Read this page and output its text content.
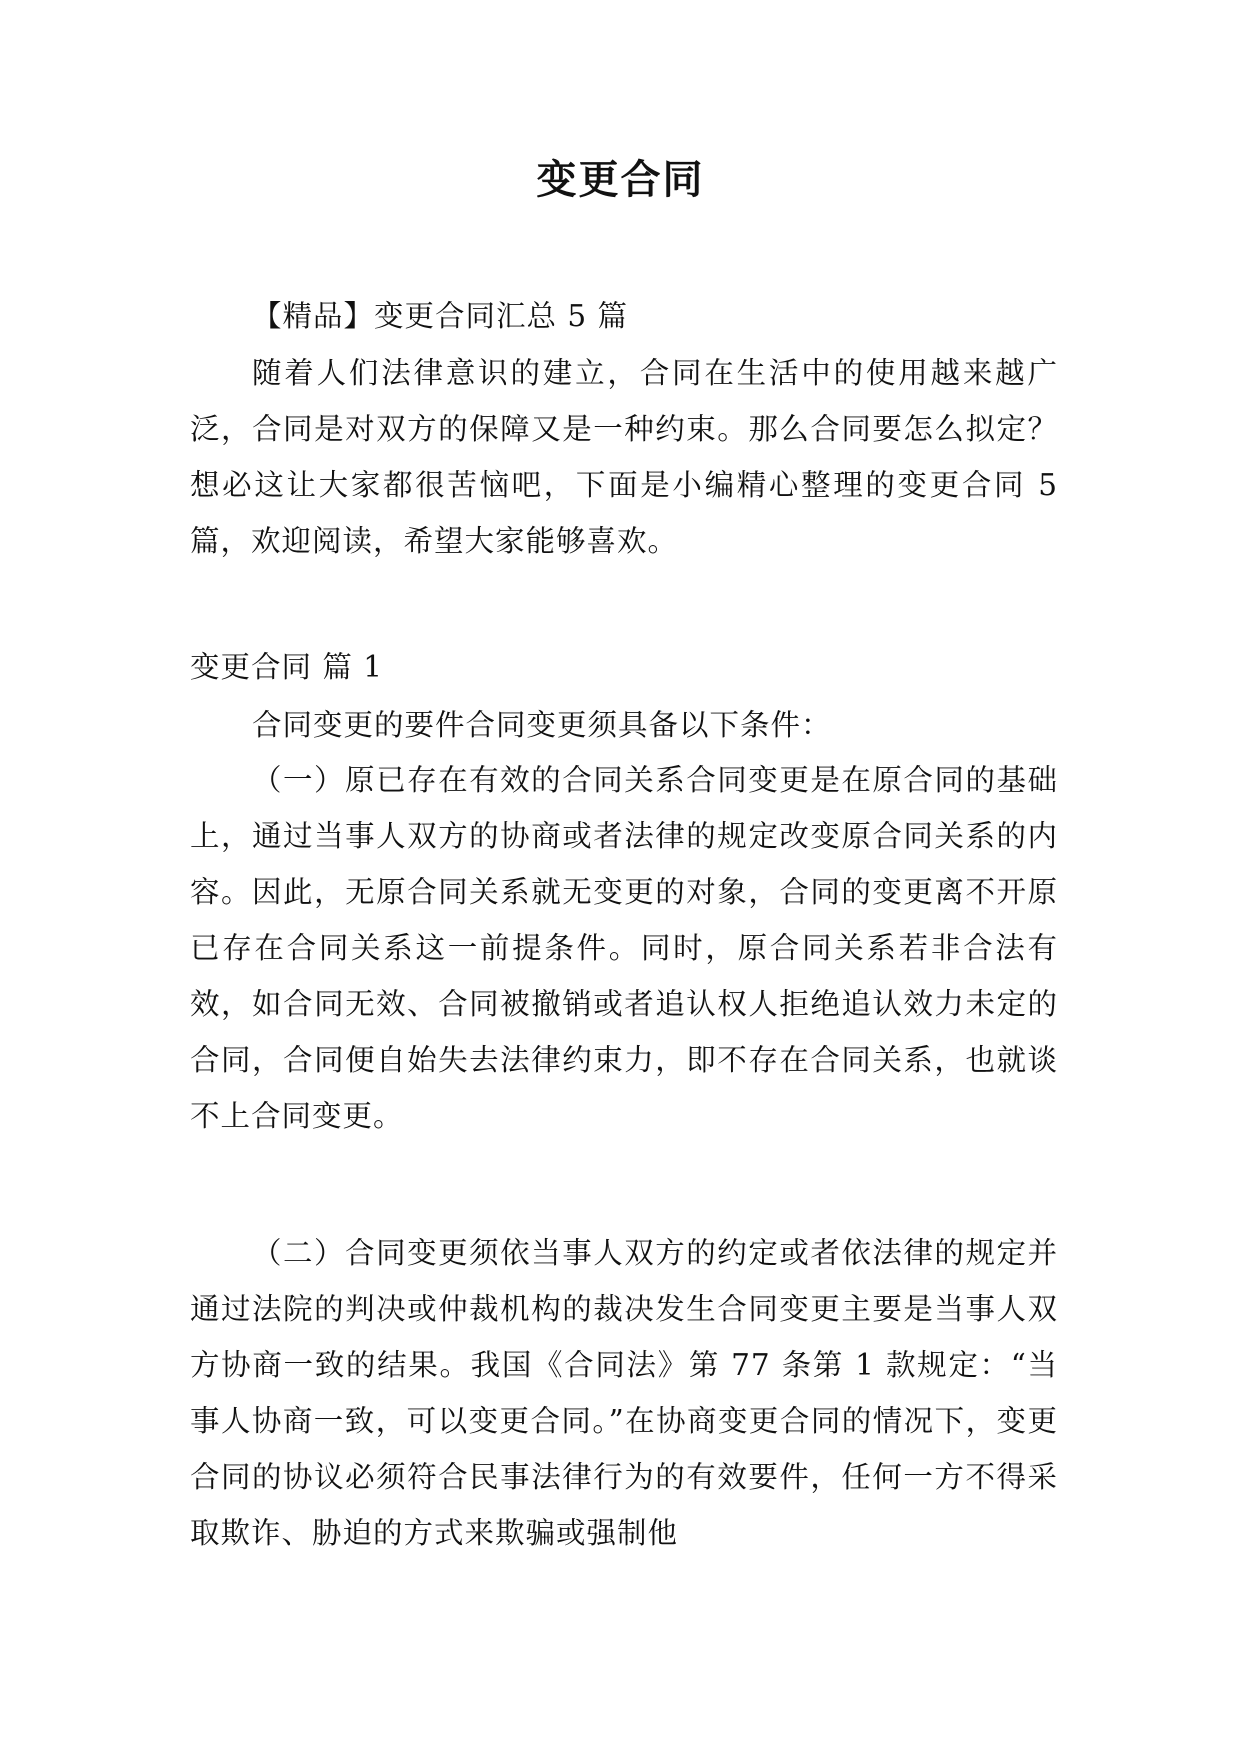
变更合同

【精品】变更合同汇总 5 篇

随着人们法律意识的建立，合同在生活中的使用越来越广泛，合同是对双方的保障又是一种约束。那么合同要怎么拟定？想必这让大家都很苦恼吧，下面是小编精心整理的变更合同 5 篇，欢迎阅读，希望大家能够喜欢。

变更合同 篇 1

合同变更的要件合同变更须具备以下条件：

（一）原已存在有效的合同关系合同变更是在原合同的基础上，通过当事人双方的协商或者法律的规定改变原合同关系的内容。因此，无原合同关系就无变更的对象，合同的变更离不开原已存在合同关系这一前提条件。同时，原合同关系若非合法有效，如合同无效、合同被撤销或者追认权人拒绝追认效力未定的合同，合同便自始失去法律约束力，即不存在合同关系，也就谈不上合同变更。

（二）合同变更须依当事人双方的约定或者依法律的规定并通过法院的判决或仲裁机构的裁决发生合同变更主要是当事人双方协商一致的结果。我国《合同法》第 77 条第 1 款规定：“当事人协商一致，可以变更合同。”在协商变更合同的情况下，变更合同的协议必须符合民事法律行为的有效要件，任何一方不得采取欺诈、胁迫的方式来欺骗或强制他
